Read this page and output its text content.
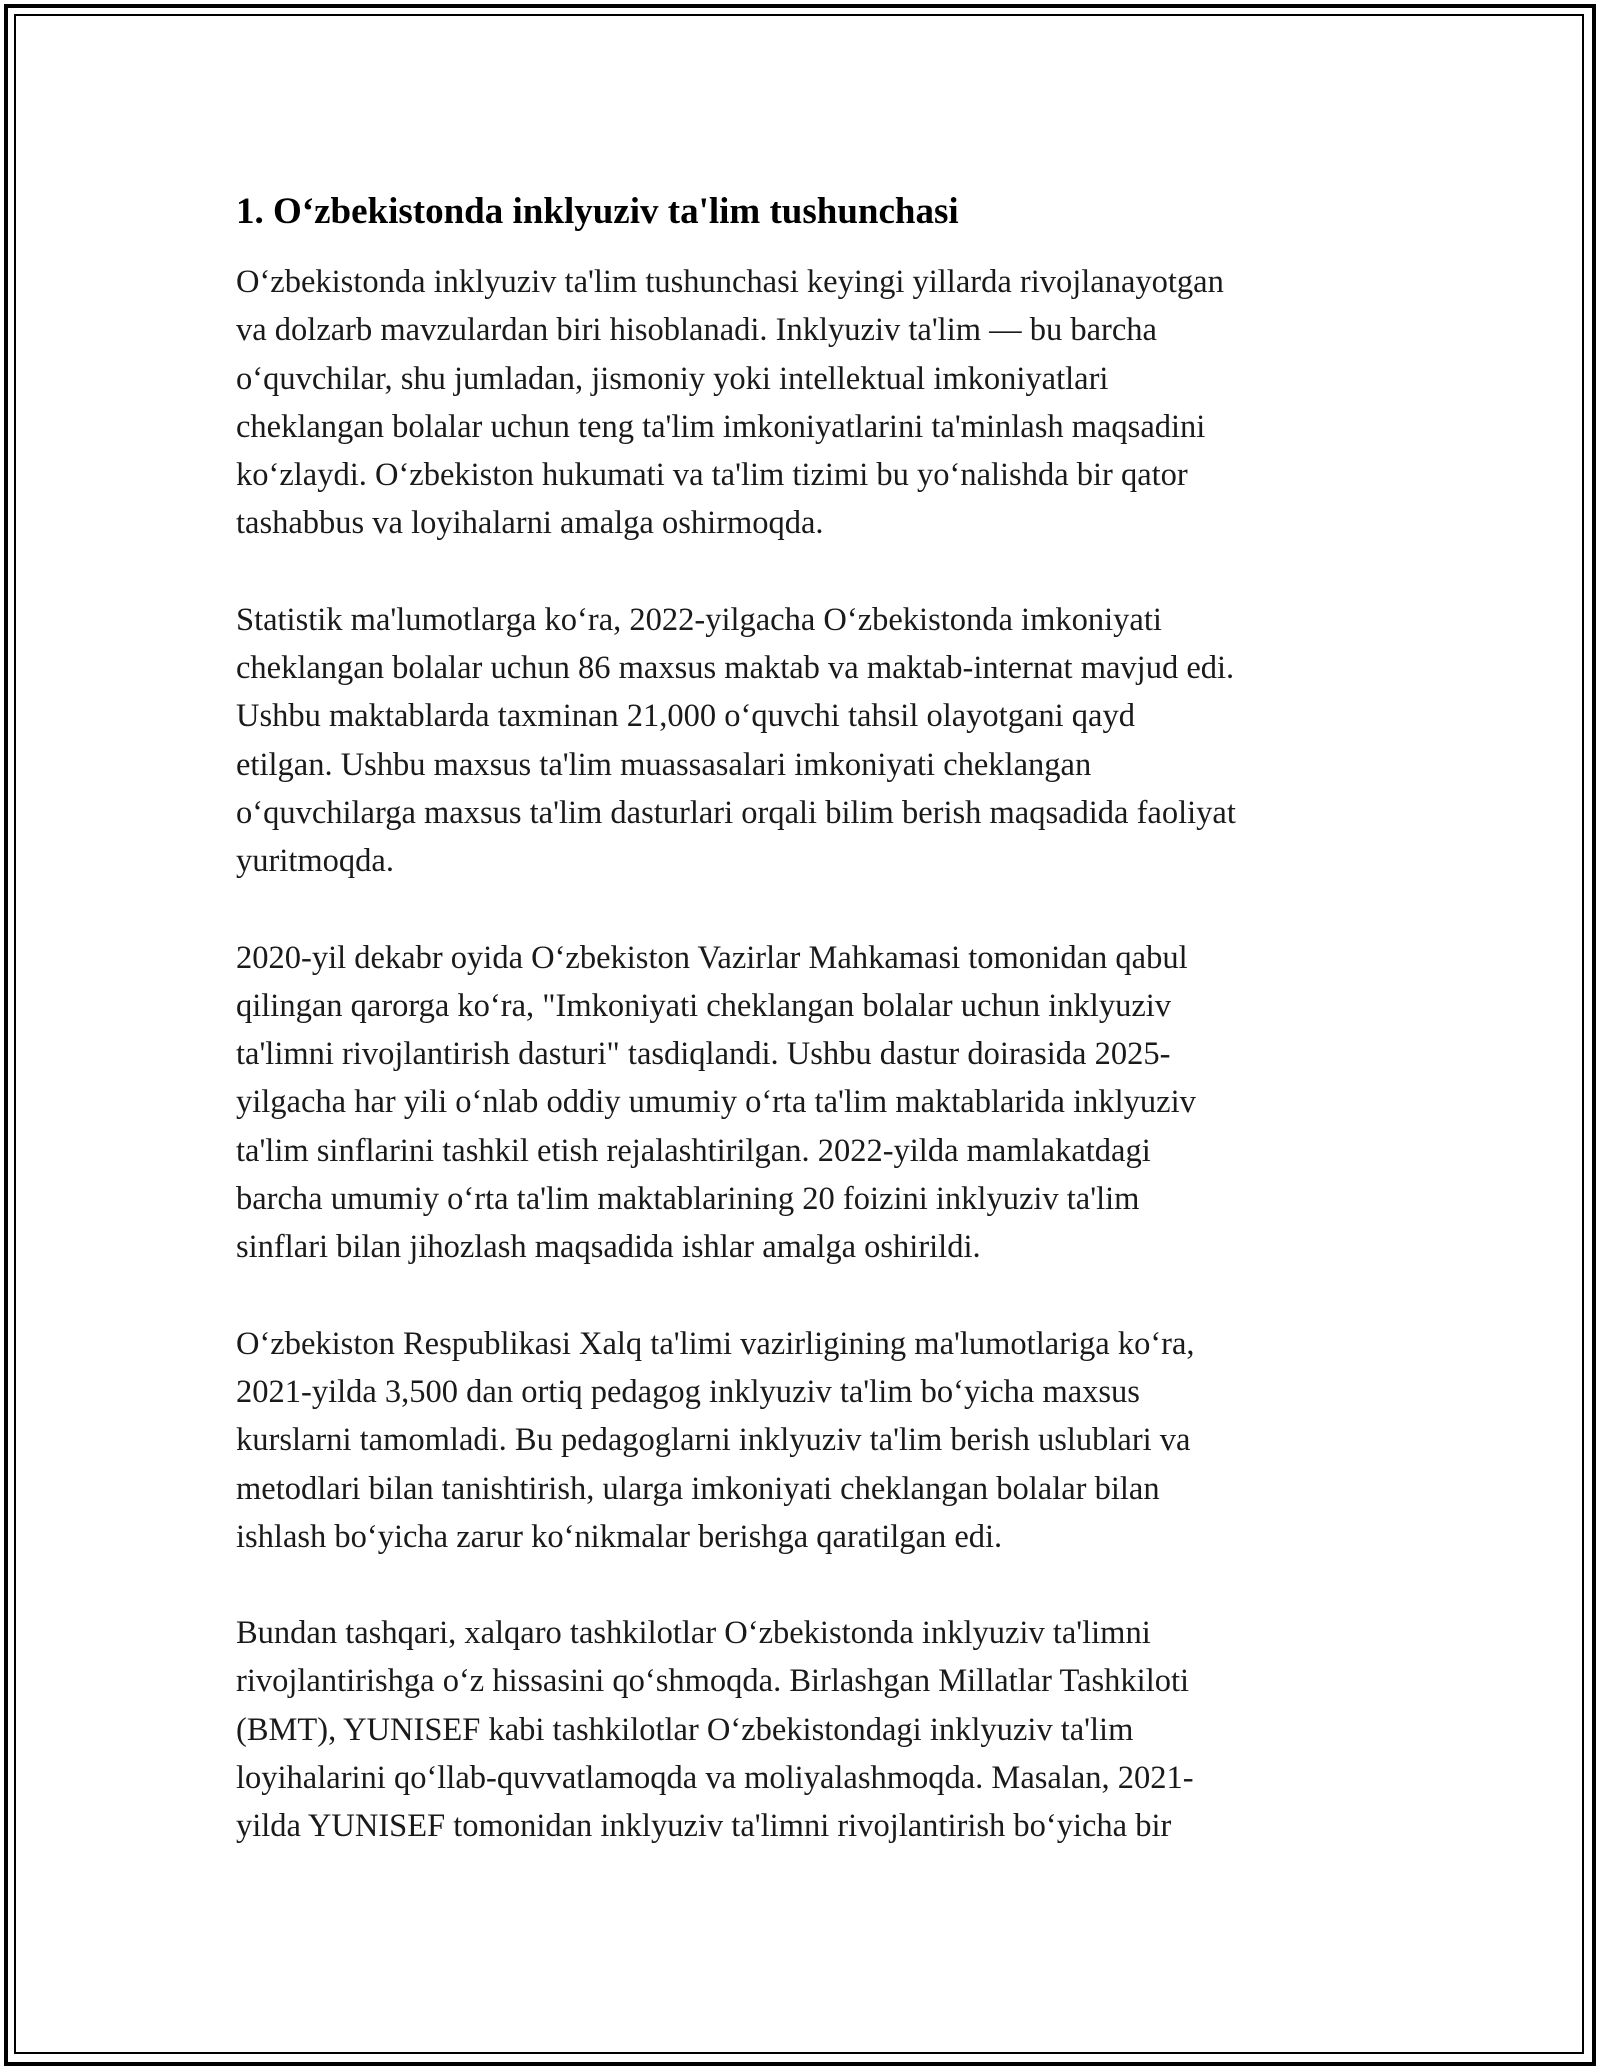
1. O‘zbekistonda inklyuziv ta'lim tushunchasi

O‘zbekistonda inklyuziv ta'lim tushunchasi keyingi yillarda rivojlanayotgan
va dolzarb mavzulardan biri hisoblanadi. Inklyuziv ta'lim — bu barcha
o‘quvchilar, shu jumladan, jismoniy yoki intellektual imkoniyatlari
cheklangan bolalar uchun teng ta'lim imkoniyatlarini ta'minlash maqsadini
ko‘zlaydi. O‘zbekiston hukumati va ta'lim tizimi bu yo‘nalishda bir qator
tashabbus va loyihalarni amalga oshirmoqda.

Statistik ma'lumotlarga ko‘ra, 2022-yilgacha O‘zbekistonda imkoniyati
cheklangan bolalar uchun 86 maxsus maktab va maktab-internat mavjud edi.
Ushbu maktablarda taxminan 21,000 o‘quvchi tahsil olayotgani qayd
etilgan. Ushbu maxsus ta'lim muassasalari imkoniyati cheklangan
o‘quvchilarga maxsus ta'lim dasturlari orqali bilim berish maqsadida faoliyat
yuritmoqda.

2020-yil dekabr oyida O‘zbekiston Vazirlar Mahkamasi tomonidan qabul
qilingan qarorga ko‘ra, "Imkoniyati cheklangan bolalar uchun inklyuziv
ta'limni rivojlantirish dasturi" tasdiqlandi. Ushbu dastur doirasida 2025-
yilgacha har yili o‘nlab oddiy umumiy o‘rta ta'lim maktablarida inklyuziv
ta'lim sinflarini tashkil etish rejalashtirilgan. 2022-yilda mamlakatdagi
barcha umumiy o‘rta ta'lim maktablarining 20 foizini inklyuziv ta'lim
sinflari bilan jihozlash maqsadida ishlar amalga oshirildi.

O‘zbekiston Respublikasi Xalq ta'limi vazirligining ma'lumotlariga ko‘ra,
2021-yilda 3,500 dan ortiq pedagog inklyuziv ta'lim bo‘yicha maxsus
kurslarni tamomladi. Bu pedagoglarni inklyuziv ta'lim berish uslublari va
metodlari bilan tanishtirish, ularga imkoniyati cheklangan bolalar bilan
ishlash bo‘yicha zarur ko‘nikmalar berishga qaratilgan edi.

Bundan tashqari, xalqaro tashkilotlar O‘zbekistonda inklyuziv ta'limni
rivojlantirishga o‘z hissasini qo‘shmoqda. Birlashgan Millatlar Tashkiloti
(BMT), YUNISEF kabi tashkilotlar O‘zbekistondagi inklyuziv ta'lim
loyihalarini qo‘llab-quvvatlamoqda va moliyalashmoqda. Masalan, 2021-
yilda YUNISEF tomonidan inklyuziv ta'limni rivojlantirish bo‘yicha bir
